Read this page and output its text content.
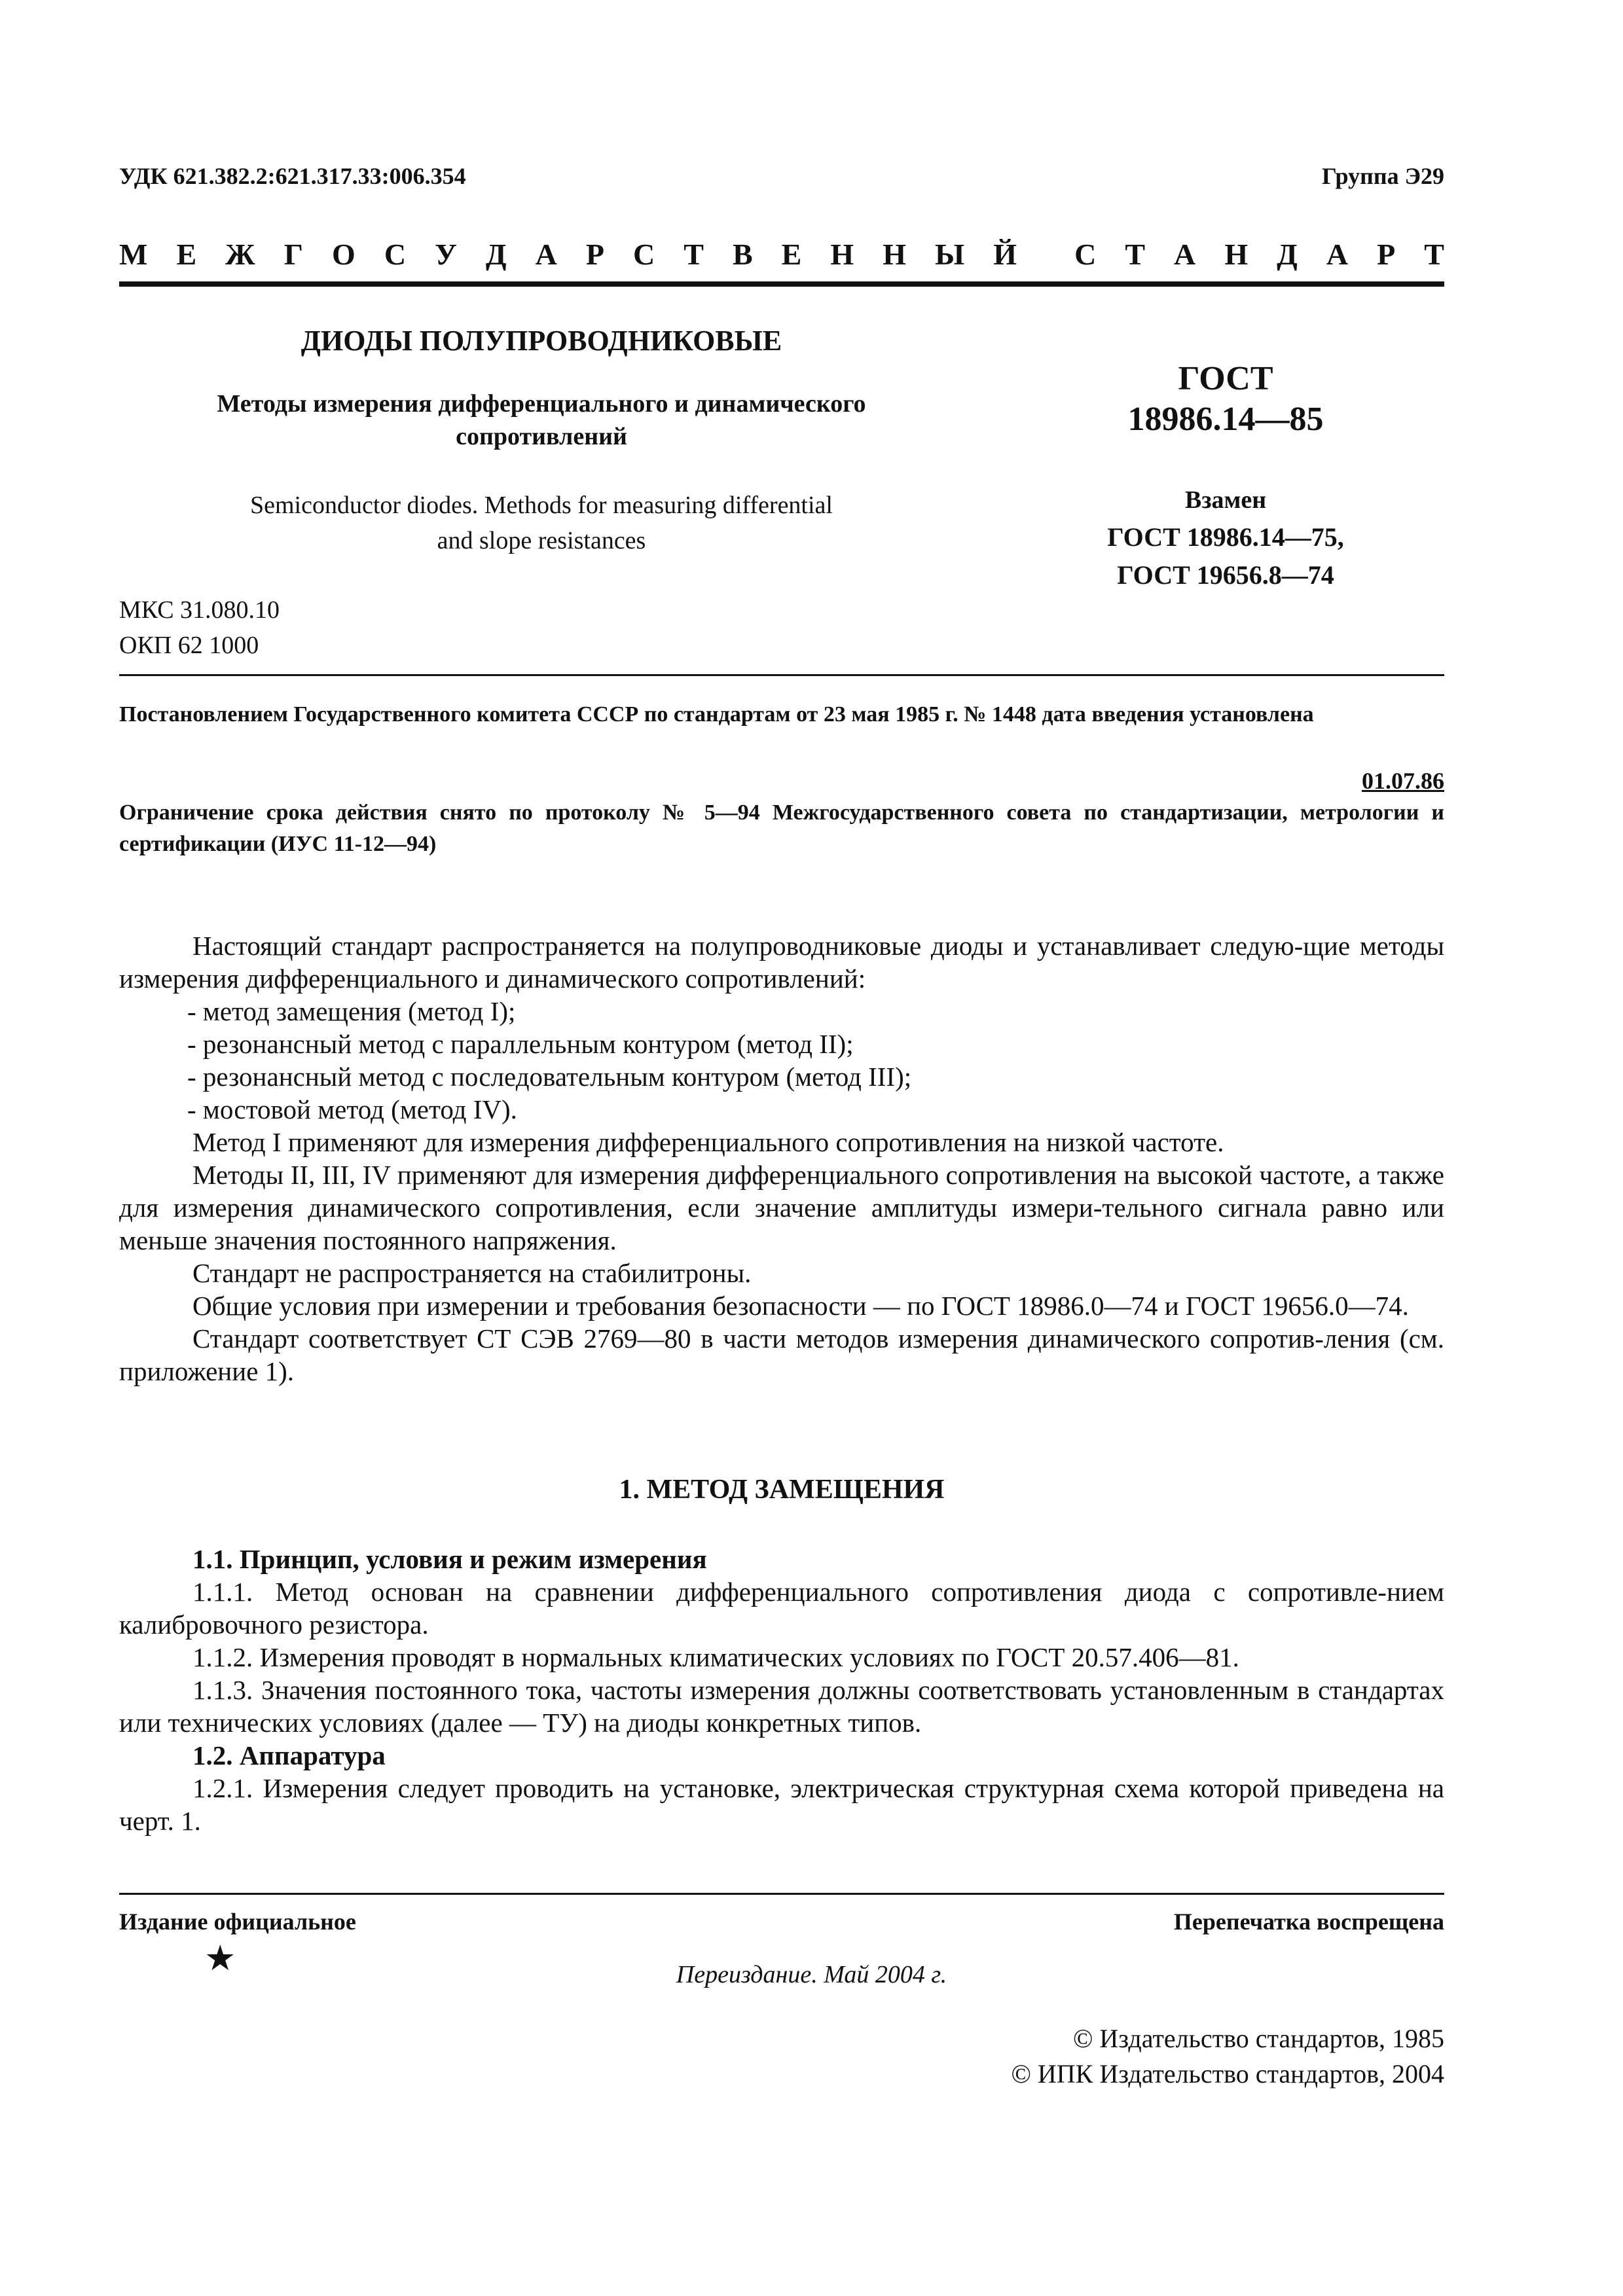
УДК 621.382.2:621.317.33:006.354	Группа Э29
М Е Ж Г О С У Д А Р С Т В Е Н Н Ы Й С Т А Н Д А Р Т
ДИОДЫ ПОЛУПРОВОДНИКОВЫЕ
Методы измерения дифференциального и динамического
сопротивлений
Semiconductor diodes. Methods for measuring differential
and slope resistances
ГОСТ
18986.14—85
Взамен
ГОСТ 18986.14—75,
ГОСТ 19656.8—74
МКС 31.080.10
ОКП 62 1000
Постановлением Государственного комитета СССР по стандартам от 23 мая 1985 г. № 1448 дата введения установлена
01.07.86
Ограничение срока действия снято по протоколу № 5—94 Межгосударственного совета по стандартизации, метрологии и сертификации (ИУС 11-12—94)

Настоящий стандарт распространяется на полупроводниковые диоды и устанавливает следую-щие методы измерения дифференциального и динамического сопротивлений:

- метод замещения (метод I);

- резонансный метод с параллельным контуром (метод II);

- резонансный метод с последовательным контуром (метод III);

- мостовой метод (метод IV).

Метод I применяют для измерения дифференциального сопротивления на низкой частоте.

Методы II, III, IV применяют для измерения дифференциального сопротивления на высокой частоте, а также для измерения динамического сопротивления, если значение амплитуды измери-тельного сигнала равно или меньше значения постоянного напряжения.

Стандарт не распространяется на стабилитроны.

Общие условия при измерении и требования безопасности — по ГОСТ 18986.0—74 и ГОСТ 19656.0—74.

Стандарт соответствует СТ СЭВ 2769—80 в части методов измерения динамического сопротив-ления (см. приложение 1).

1. МЕТОД ЗАМЕЩЕНИЯ

1.1. Принцип, условия и режим измерения

1.1.1. Метод основан на сравнении дифференциального сопротивления диода с сопротивле-нием калибровочного резистора.

1.1.2. Измерения проводят в нормальных климатических условиях по ГОСТ 20.57.406—81.

1.1.3. Значения постоянного тока, частоты измерения должны соответствовать установленным в стандартах или технических условиях (далее — ТУ) на диоды конкретных типов.

1.2. Аппаратура

1.2.1. Измерения следует проводить на установке, электрическая структурная схема которой приведена на черт. 1.

Издание официальное	Перепечатка воспрещена
★	Переиздание. Май 2004 г.
© Издательство стандартов, 1985
© ИПК Издательство стандартов, 2004
